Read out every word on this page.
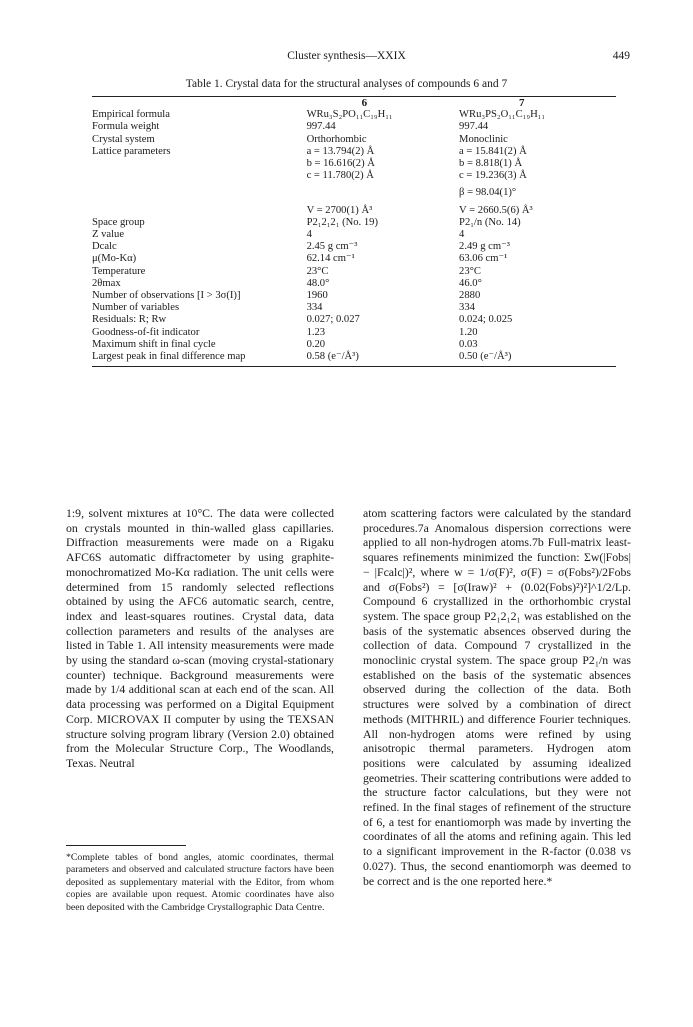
Cluster synthesis—XXIX	449
Table 1. Crystal data for the structural analyses of compounds 6 and 7
	6	7
Empirical formula	WRu₃S₂PO₁₁C₁₉H₁₁	WRu₃PS₂O₁₁C₁₉H₁₁
Formula weight	997.44	997.44
Crystal system	Orthorhombic	Monoclinic
Lattice parameters	a = 13.794(2) Å	a = 15.841(2) Å
	b = 16.616(2) Å	b = 8.818(1) Å
	c = 11.780(2) Å	c = 19.236(3) Å

		β = 98.04(1)°

	V = 2700(1) Å³	V = 2660.5(6) Å³
Space group	P2₁2₁2₁ (No. 19)	P2₁/n (No. 14)
Z value	4	4
Dcalc	2.45 g cm⁻³	2.49 g cm⁻³
μ(Mo-Kα)	62.14 cm⁻¹	63.06 cm⁻¹
Temperature	23°C	23°C
2θmax	48.0°	46.0°
Number of observations [I > 3σ(I)]	1960	2880
Number of variables	334	334
Residuals: R; Rw	0.027; 0.027	0.024; 0.025
Goodness-of-fit indicator	1.23	1.20
Maximum shift in final cycle	0.20	0.03
Largest peak in final difference map	0.58 (e⁻/Å³)	0.50 (e⁻/Å³)

1:9, solvent mixtures at 10°C. The data were collected on crystals mounted in thin-walled glass capillaries. Diffraction measurements were made on a Rigaku AFC6S automatic diffractometer by using graphite-monochromatized Mo-Kα radiation. The unit cells were determined from 15 randomly selected reflections obtained by using the AFC6 automatic search, centre, index and least-squares routines. Crystal data, data collection parameters and results of the analyses are listed in Table 1. All intensity measurements were made by using the standard ω-scan (moving crystal-stationary counter) technique. Background measurements were made by 1/4 additional scan at each end of the scan. All data processing was performed on a Digital Equipment Corp. MICROVAX II computer by using the TEXSAN structure solving program library (Version 2.0) obtained from the Molecular Structure Corp., The Woodlands, Texas. Neutral

atom scattering factors were calculated by the standard procedures.7a Anomalous dispersion corrections were applied to all non-hydrogen atoms.7b Full-matrix least-squares refinements minimized the function: Σw(|Fobs| − |Fcalc|)², where w = 1/σ(F)², σ(F) = σ(Fobs²)/2Fobs and σ(Fobs²) = [σ(Iraw)² + (0.02(Fobs)²)²]^1/2/Lp. Compound 6 crystallized in the orthorhombic crystal system. The space group P2₁2₁2₁ was established on the basis of the systematic absences observed during the collection of data. Compound 7 crystallized in the monoclinic crystal system. The space group P2₁/n was established on the basis of the systematic absences observed during the collection of the data. Both structures were solved by a combination of direct methods (MITHRIL) and difference Fourier techniques. All non-hydrogen atoms were refined by using anisotropic thermal parameters. Hydrogen atom positions were calculated by assuming idealized geometries. Their scattering contributions were added to the structure factor calculations, but they were not refined. In the final stages of refinement of the structure of 6, a test for enantiomorph was made by inverting the coordinates of all the atoms and refining again. This led to a significant improvement in the R-factor (0.038 vs 0.027). Thus, the second enantiomorph was deemed to be correct and is the one reported here.*

*Complete tables of bond angles, atomic coordinates, thermal parameters and observed and calculated structure factors have been deposited as supplementary material with the Editor, from whom copies are available upon request. Atomic coordinates have also been deposited with the Cambridge Crystallographic Data Centre.
